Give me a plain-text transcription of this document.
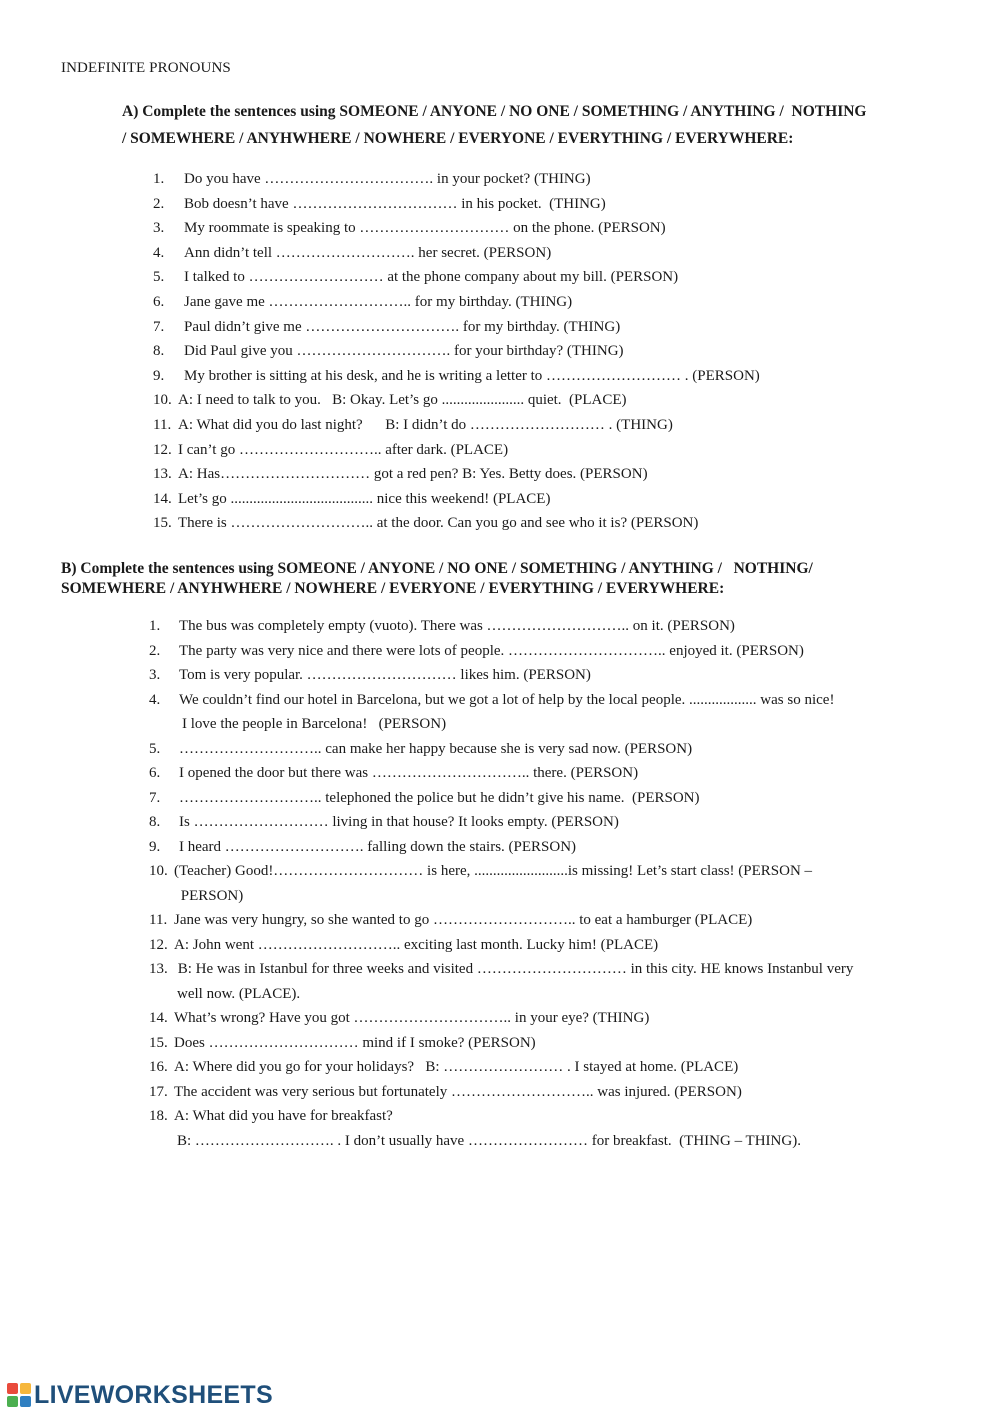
INDEFINITE PRONOUNS
A) Complete the sentences using SOMEONE / ANYONE / NO ONE / SOMETHING / ANYTHING /  NOTHING
/ SOMEWHERE / ANYHWHERE / NOWHERE / EVERYONE / EVERYTHING / EVERYWHERE:
1.	Do you have ……………………………. in your pocket? (THING)
2.	Bob doesn’t have …………………………… in his pocket.  (THING)
3.	My roommate is speaking to ………………………… on the phone. (PERSON)
4.	Ann didn’t tell ………………………. her secret. (PERSON)
5.	I talked to ……………………… at the phone company about my bill. (PERSON)
6.	Jane gave me ……………………….. for my birthday. (THING)
7.	Paul didn’t give me …………………………. for my birthday. (THING)
8.	Did Paul give you …………………………. for your birthday? (THING)
9.	My brother is sitting at his desk, and he is writing a letter to ……………………… . (PERSON)
10. A: I need to talk to you.   B: Okay. Let’s go ...................... quiet.  (PLACE)
11. A: What did you do last night?      B: I didn’t do ……………………… . (THING)
12. I can’t go ……………………….. after dark. (PLACE)
13. A: Has………………………… got a red pen? B: Yes. Betty does. (PERSON)
14. Let’s go ...................................... nice this weekend! (PLACE)
15. There is ……………………….. at the door. Can you go and see who it is? (PERSON)
B) Complete the sentences using SOMEONE / ANYONE / NO ONE / SOMETHING / ANYTHING /   NOTHING/
SOMEWHERE / ANYHWHERE / NOWHERE / EVERYONE / EVERYTHING / EVERYWHERE:
1.	The bus was completely empty (vuoto). There was ……………………….. on it. (PERSON)
2.	The party was very nice and there were lots of people. ………………………….. enjoyed it. (PERSON)
3.	Tom is very popular. ………………………… likes him. (PERSON)
4.	We couldn’t find our hotel in Barcelona, but we got a lot of help by the local people. .................. was so nice!
I love the people in Barcelona!   (PERSON)
5.	……………………….. can make her happy because she is very sad now. (PERSON)
6.	I opened the door but there was ………………………….. there. (PERSON)
7.	……………………….. telephoned the police but he didn’t give his name.  (PERSON)
8.	Is ……………………… living in that house? It looks empty. (PERSON)
9.	I heard ………………………. falling down the stairs. (PERSON)
10. (Teacher) Good!………………………… is here, .........................is missing! Let’s start class! (PERSON –
PERSON)
11. Jane was very hungry, so she wanted to go ……………………….. to eat a hamburger (PLACE)
12. A: John went ……………………….. exciting last month. Lucky him! (PLACE)
13. B: He was in Istanbul for three weeks and visited ………………………… in this city. HE knows Instanbul very
well now. (PLACE).
14. What’s wrong? Have you got ………………………….. in your eye? (THING)
15. Does ………………………… mind if I smoke? (PERSON)
16. A: Where did you go for your holidays?   B: …………………… . I stayed at home. (PLACE)
17. The accident was very serious but fortunately ……………………….. was injured. (PERSON)
18. A: What did you have for breakfast?
B: ………………………. . I don’t usually have …………………… for breakfast.  (THING – THING).
LIVEWORKSHEETS
